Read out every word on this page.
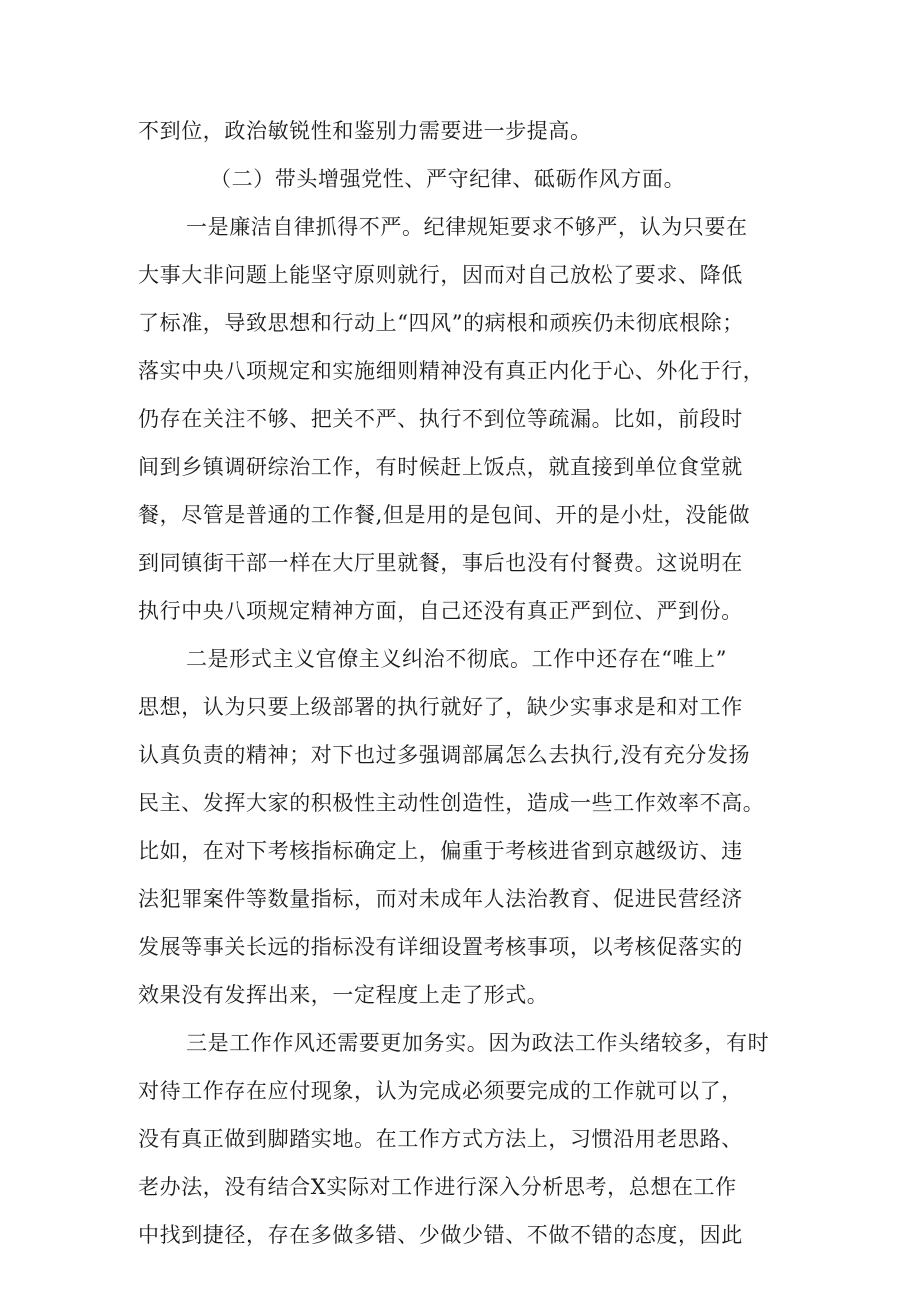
不到位，政治敏锐性和鉴别力需要进一步提高。
（二）带头增强党性、严守纪律、砥砺作风方面。
一是廉洁自律抓得不严。纪律规矩要求不够严，认为只要在
大事大非问题上能坚守原则就行，因而对自己放松了要求、降低
了标准，导致思想和行动上“四风”的病根和顽疾仍未彻底根除；
落实中央八项规定和实施细则精神没有真正内化于心、外化于行，
仍存在关注不够、把关不严、执行不到位等疏漏。比如，前段时
间到乡镇调研综治工作，有时候赶上饭点，就直接到单位食堂就
餐，尽管是普通的工作餐,但是用的是包间、开的是小灶，没能做
到同镇街干部一样在大厅里就餐，事后也没有付餐费。这说明在
执行中央八项规定精神方面，自己还没有真正严到位、严到份。
二是形式主义官僚主义纠治不彻底。工作中还存在“唯上”
思想，认为只要上级部署的执行就好了，缺少实事求是和对工作
认真负责的精神；对下也过多强调部属怎么去执行,没有充分发扬
民主、发挥大家的积极性主动性创造性，造成一些工作效率不高。
比如，在对下考核指标确定上，偏重于考核进省到京越级访、违
法犯罪案件等数量指标，而对未成年人法治教育、促进民营经济
发展等事关长远的指标没有详细设置考核事项，以考核促落实的
效果没有发挥出来，一定程度上走了形式。
三是工作作风还需要更加务实。因为政法工作头绪较多，有时
对待工作存在应付现象，认为完成必须要完成的工作就可以了，
没有真正做到脚踏实地。在工作方式方法上，习惯沿用老思路、
老办法，没有结合X实际对工作进行深入分析思考，总想在工作
中找到捷径，存在多做多错、少做少错、不做不错的态度，因此
